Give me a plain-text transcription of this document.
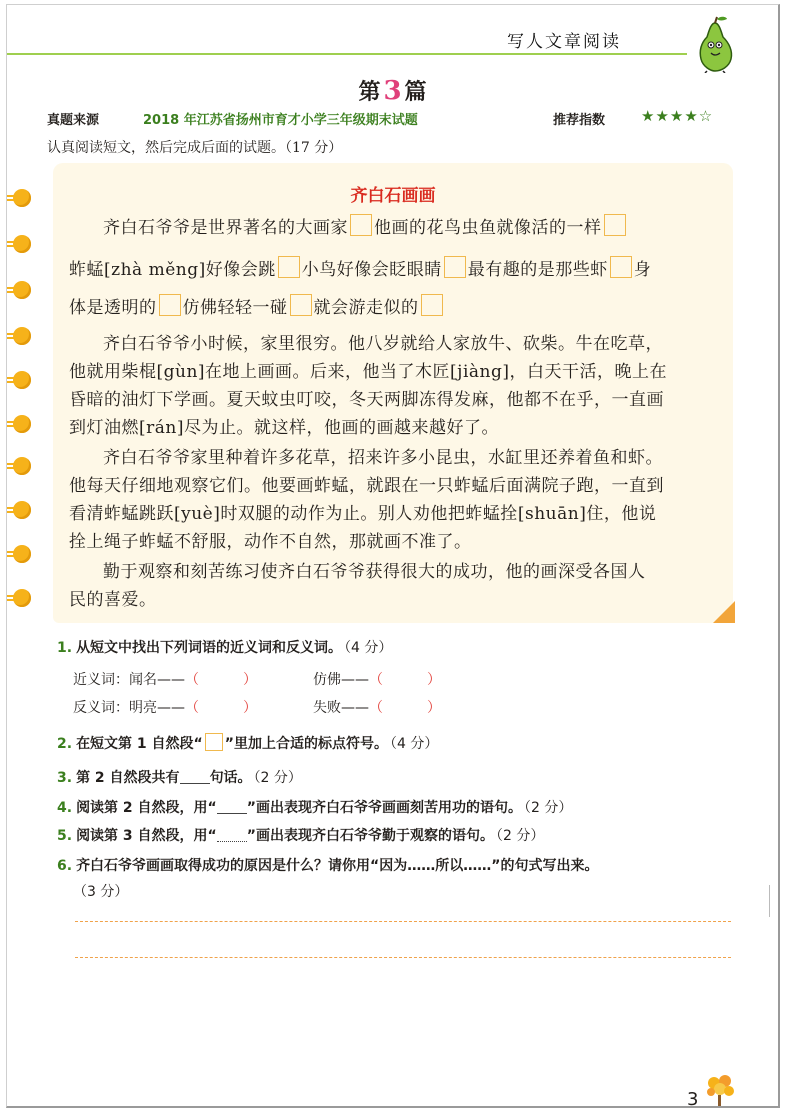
写人文章阅读
第 3 篇
真题来源	2018 年江苏省扬州市育才小学三年级期末试题	推荐指数 ★★★★☆
认真阅读短文，然后完成后面的试题。（17 分）
齐白石画画
齐白石爷爷是世界著名的大画家 他画的花鸟虫鱼就像活的一样
蚱蜢[zhà měng]好像会跳 小鸟好像会眨眼睛 最有趣的是那些虾 身
体是透明的 仿佛轻轻一碰 就会游走似的
齐白石爷爷小时候，家里很穷。他八岁就给人家放牛、砍柴。牛在吃草，
他就用柴棍[gùn]在地上画画。后来，他当了木匠[jiàng]，白天干活，晚上在
昏暗的油灯下学画。夏天蚊虫叮咬，冬天两脚冻得发麻，他都不在乎，一直画
到灯油燃[rán]尽为止。就这样，他画的画越来越好了。
齐白石爷爷家里种着许多花草，招来许多小昆虫，水缸里还养着鱼和虾。
他每天仔细地观察它们。他要画蚱蜢，就跟在一只蚱蜢后面满院子跑，一直到
看清蚱蜢跳跃[yuè]时双腿的动作为止。别人劝他把蚱蜢拴[shuān]住，他说
拴上绳子蚱蜢不舒服，动作不自然，那就画不准了。
勤于观察和刻苦练习使齐白石爷爷获得很大的成功，他的画深受各国人
民的喜爱。
1. 从短文中找出下列词语的近义词和反义词。 （4 分）
近义词：闻名——（	）	仿佛——（	）
反义词：明亮——（	）	失败——（	）
2. 在短文第 1 自然段“ ”里加上合适的标点符号。 （4 分）
3. 第 2 自然段共有 句话。 （2 分）
4. 阅读第 2 自然段，用“ ”画出表现齐白石爷爷画画刻苦用功的语句。 （2 分）
5. 阅读第 3 自然段，用“ ”画出表现齐白石爷爷勤于观察的语句。 （2 分）
6. 齐白石爷爷画画取得成功的原因是什么？请你用“因为……所以……”的句式写出来。
（3 分）
3
